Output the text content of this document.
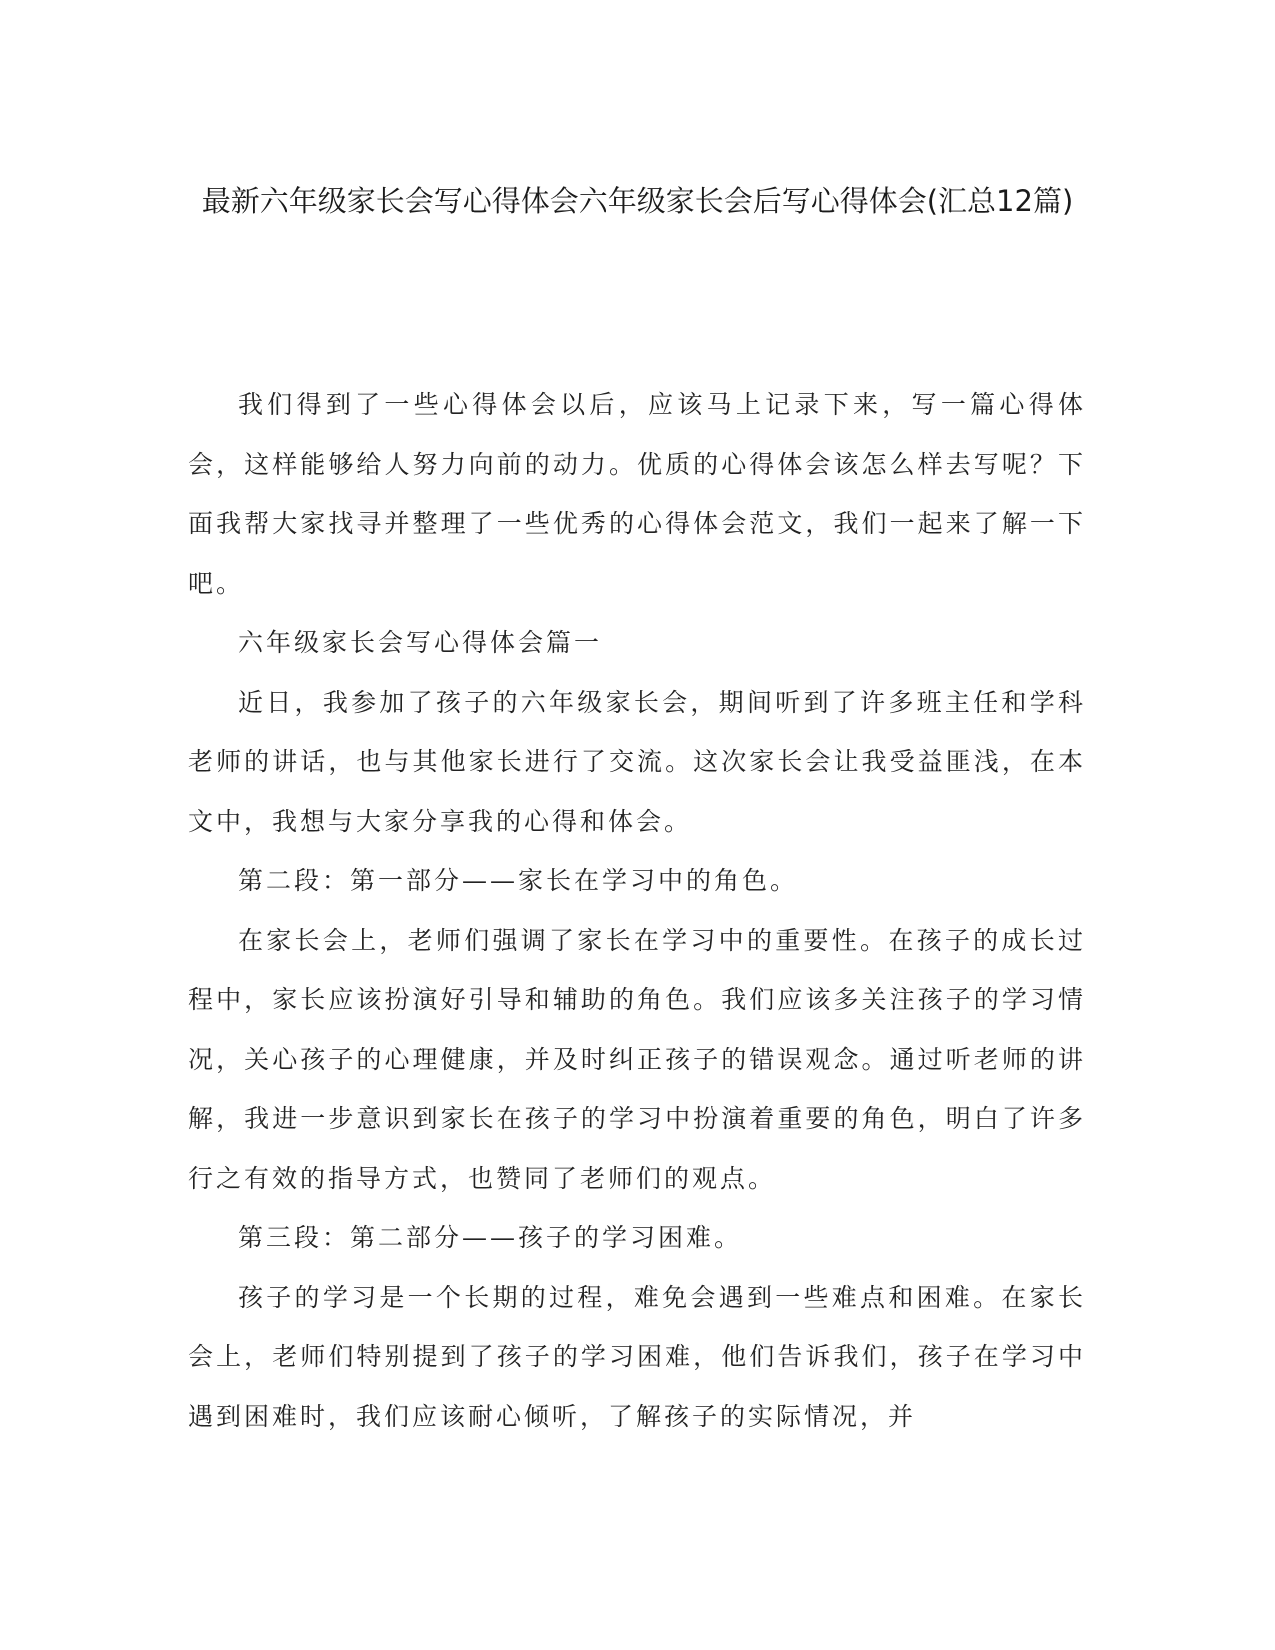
最新六年级家长会写心得体会六年级家长会后写心得体会(汇总12篇)

我们得到了一些心得体会以后，应该马上记录下来，写一篇心得体会，这样能够给人努力向前的动力。优质的心得体会该怎么样去写呢？下面我帮大家找寻并整理了一些优秀的心得体会范文，我们一起来了解一下吧。

六年级家长会写心得体会篇一

近日，我参加了孩子的六年级家长会，期间听到了许多班主任和学科老师的讲话，也与其他家长进行了交流。这次家长会让我受益匪浅，在本文中，我想与大家分享我的心得和体会。

第二段：第一部分——家长在学习中的角色。

在家长会上，老师们强调了家长在学习中的重要性。在孩子的成长过程中，家长应该扮演好引导和辅助的角色。我们应该多关注孩子的学习情况，关心孩子的心理健康，并及时纠正孩子的错误观念。通过听老师的讲解，我进一步意识到家长在孩子的学习中扮演着重要的角色，明白了许多行之有效的指导方式，也赞同了老师们的观点。

第三段：第二部分——孩子的学习困难。

孩子的学习是一个长期的过程，难免会遇到一些难点和困难。在家长会上，老师们特别提到了孩子的学习困难，他们告诉我们，孩子在学习中遇到困难时，我们应该耐心倾听，了解孩子的实际情况，并
